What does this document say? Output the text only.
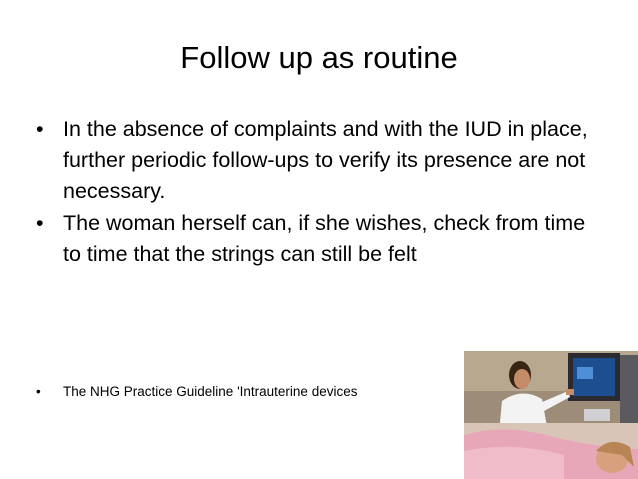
Follow up as routine
• In the absence of complaints and with the IUD in place, further periodic follow-ups to verify its presence are not necessary.
• The woman herself can, if she wishes, check from time to time that the strings can still be felt
• The NHG Practice Guideline 'Intrauterine devices
